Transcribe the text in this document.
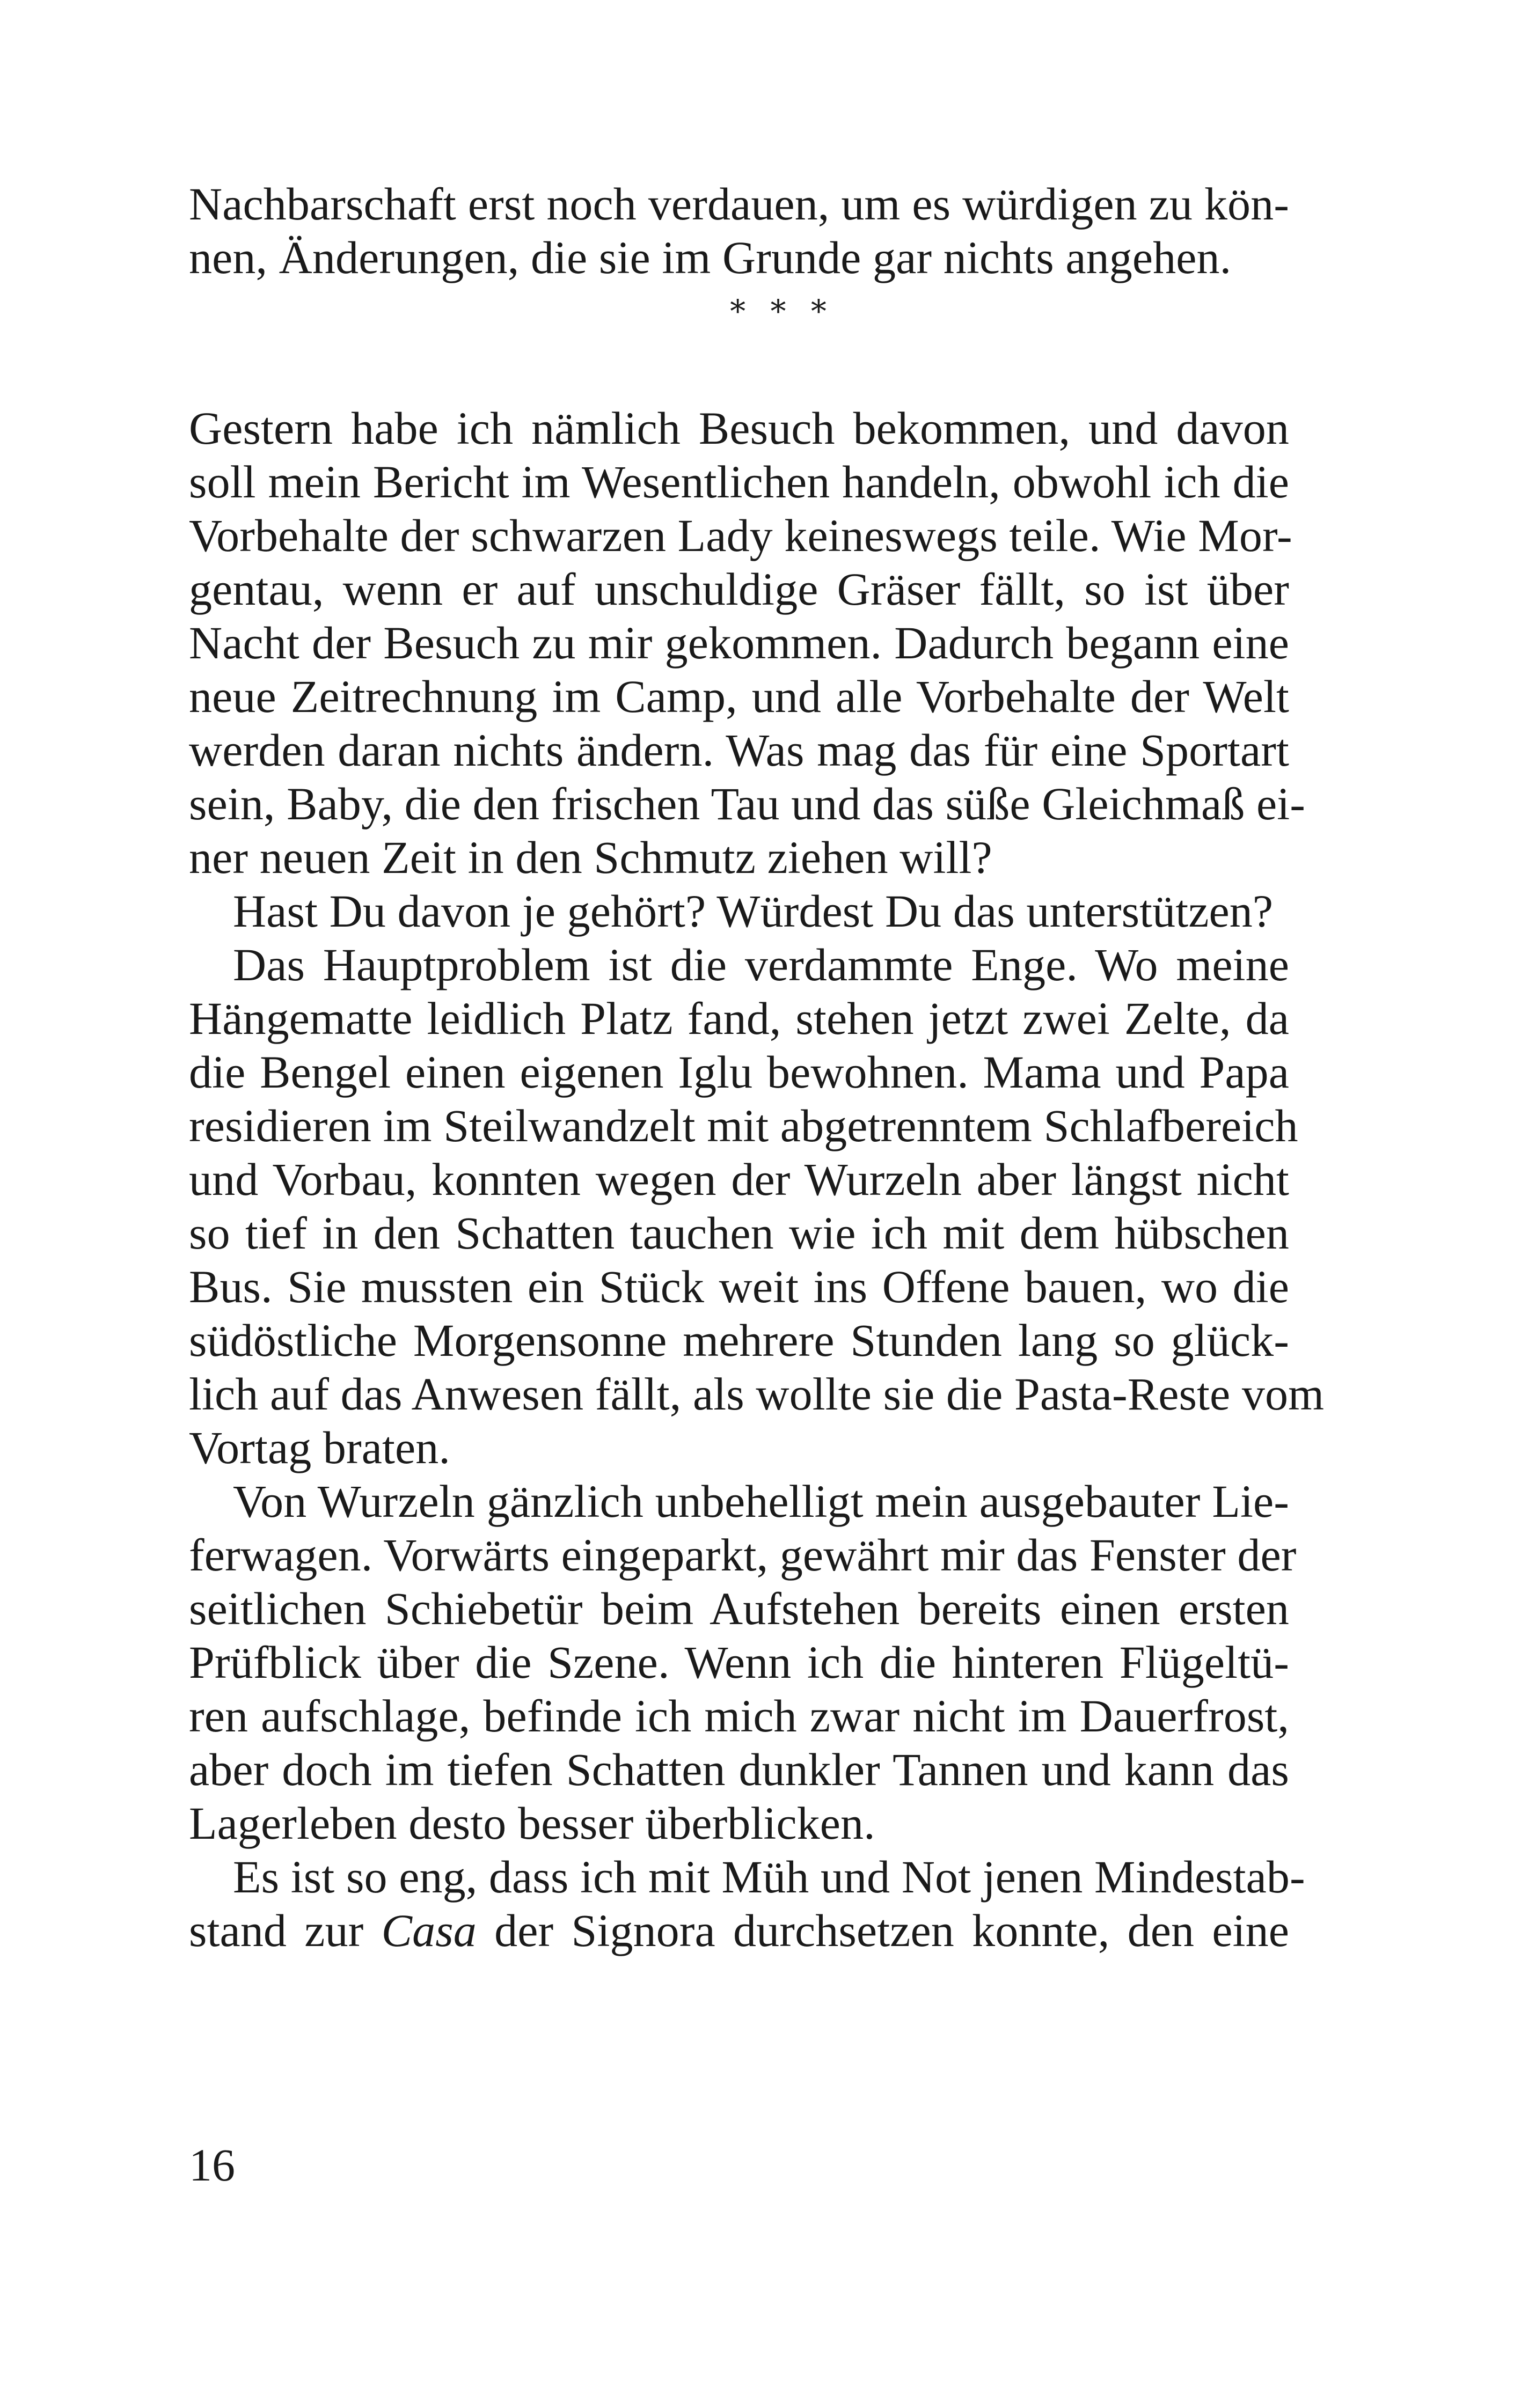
Nachbarschaft erst noch verdauen, um es würdigen zu kön-
nen, Änderungen, die sie im Grunde gar nichts angehen.
* * *
Gestern habe ich nämlich Besuch bekommen, und davon
soll mein Bericht im Wesentlichen handeln, obwohl ich die
Vorbehalte der schwarzen Lady keineswegs teile. Wie Mor-
gentau, wenn er auf unschuldige Gräser fällt, so ist über
Nacht der Besuch zu mir gekommen. Dadurch begann eine
neue Zeitrechnung im Camp, und alle Vorbehalte der Welt
werden daran nichts ändern. Was mag das für eine Sportart
sein, Baby, die den frischen Tau und das süße Gleichmaß ei-
ner neuen Zeit in den Schmutz ziehen will?
Hast Du davon je gehört? Würdest Du das unterstützen?
Das Hauptproblem ist die verdammte Enge. Wo meine
Hängematte leidlich Platz fand, stehen jetzt zwei Zelte, da
die Bengel einen eigenen Iglu bewohnen. Mama und Papa
residieren im Steilwandzelt mit abgetrenntem Schlafbereich
und Vorbau, konnten wegen der Wurzeln aber längst nicht
so tief in den Schatten tauchen wie ich mit dem hübschen
Bus. Sie mussten ein Stück weit ins Offene bauen, wo die
südöstliche Morgensonne mehrere Stunden lang so glück-
lich auf das Anwesen fällt, als wollte sie die Pasta-Reste vom
Vortag braten.
Von Wurzeln gänzlich unbehelligt mein ausgebauter Lie-
ferwagen. Vorwärts eingeparkt, gewährt mir das Fenster der
seitlichen Schiebetür beim Aufstehen bereits einen ersten
Prüfblick über die Szene. Wenn ich die hinteren Flügeltü-
ren aufschlage, befinde ich mich zwar nicht im Dauerfrost,
aber doch im tiefen Schatten dunkler Tannen und kann das
Lagerleben desto besser überblicken.
Es ist so eng, dass ich mit Müh und Not jenen Mindestab-
stand zur Casa der Signora durchsetzen konnte, den eine
16
